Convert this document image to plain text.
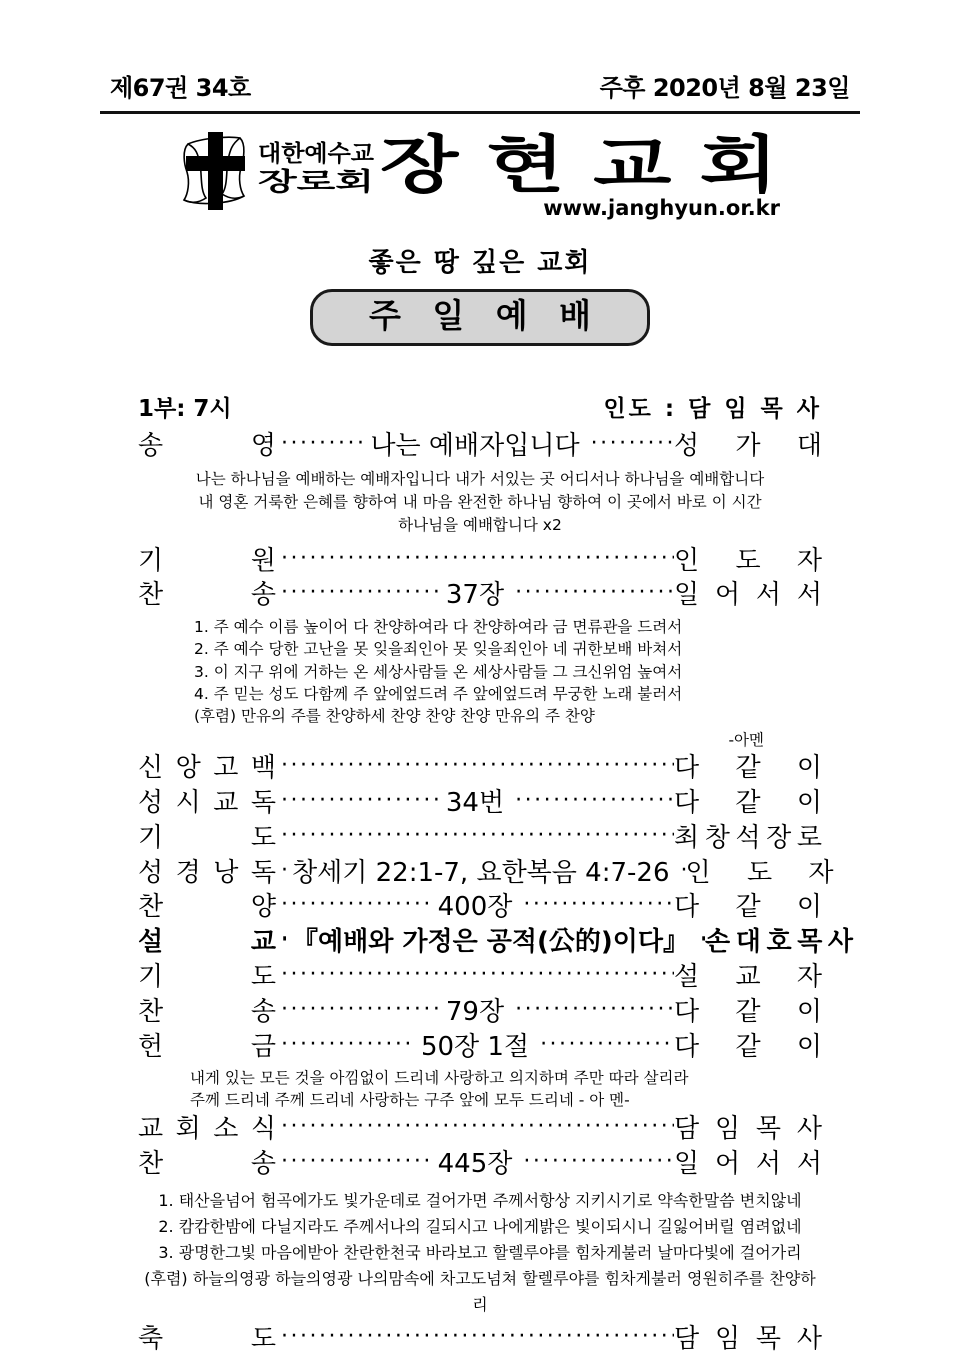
제67권 34호	주후 2020년 8월 23일
대한예수교
장로회 장 현 교 회
www.janghyun.or.kr
좋은 땅 깊은 교회
주 일 예 배
1부: 7시	인도 : 담 임 목 사
송	영 ·····	나는 예배자입니다 ·····	성 가 대
나는 하나님을 예배하는 예배자입니다 내가 서있는 곳 어디서나 하나님을 예배합니다
내 영혼 거룩한 은혜를 향하여 내 마음 완전한 하나님 향하여 이 곳에서 바로 이 시간
하나님을 예배합니다 x2
기	원 ·····	인 도 자
찬	송 ·····	37장 ·····	일 어 서 서
1. 주 예수 이름 높이어 다 찬양하여라 다 찬양하여라 금 면류관을 드려서
2. 주 예수 당한 고난을 못 잊을죄인아 못 잊을죄인아 네 귀한보배 바쳐서
3. 이 지구 위에 거하는 온 세상사람들 온 세상사람들 그 크신위엄 높여서
4. 주 믿는 성도 다함께 주 앞에엎드려 주 앞에엎드려 무궁한 노래 불러서
(후렴) 만유의 주를 찬양하세 찬양 찬양 찬양 만유의 주 찬양
-아멘
신 앙 고 백 ·····	다 같 이
성 시 교 독 ·····	34번 ·····	다 같 이
기	도 ·····	최 창 석 장 로
성 경 낭 독 ····· 창세기 22:1-7, 요한복음 4:7-26 ····· 인 도 자
찬	양 ·····	400장 ·····	다 같 이
설	교 ····· 『예배와 가정은 공적(公的)이다』 ····· 손 대 호 목 사
기	도 ·····	설 교 자
찬	송 ·····	79장 ·····	다 같 이
헌	금 ·····	50장 1절 ·····	다 같 이
내게 있는 모든 것을 아낌없이 드리네 사랑하고 의지하며 주만 따라 살리라
주께 드리네 주께 드리네 사랑하는 구주 앞에 모두 드리네 - 아 멘-
교 회 소 식 ·····	담 임 목 사
찬	송 ·····	445장 ·····	일 어 서 서
1. 태산을넘어 험곡에가도 빛가운데로 걸어가면 주께서항상 지키시기로 약속한말씀 변치않네
2. 캄캄한밤에 다닐지라도 주께서나의 길되시고 나에게밝은 빛이되시니 길잃어버릴 염려없네
3. 광명한그빛 마음에받아 찬란한천국 바라보고 할렐루야를 힘차게불러 날마다빛에 걸어가리
(후렴) 하늘의영광 하늘의영광 나의맘속에 차고도넘쳐 할렐루야를 힘차게불러 영원히주를 찬양하리
축	도 ·····	담 임 목 사
